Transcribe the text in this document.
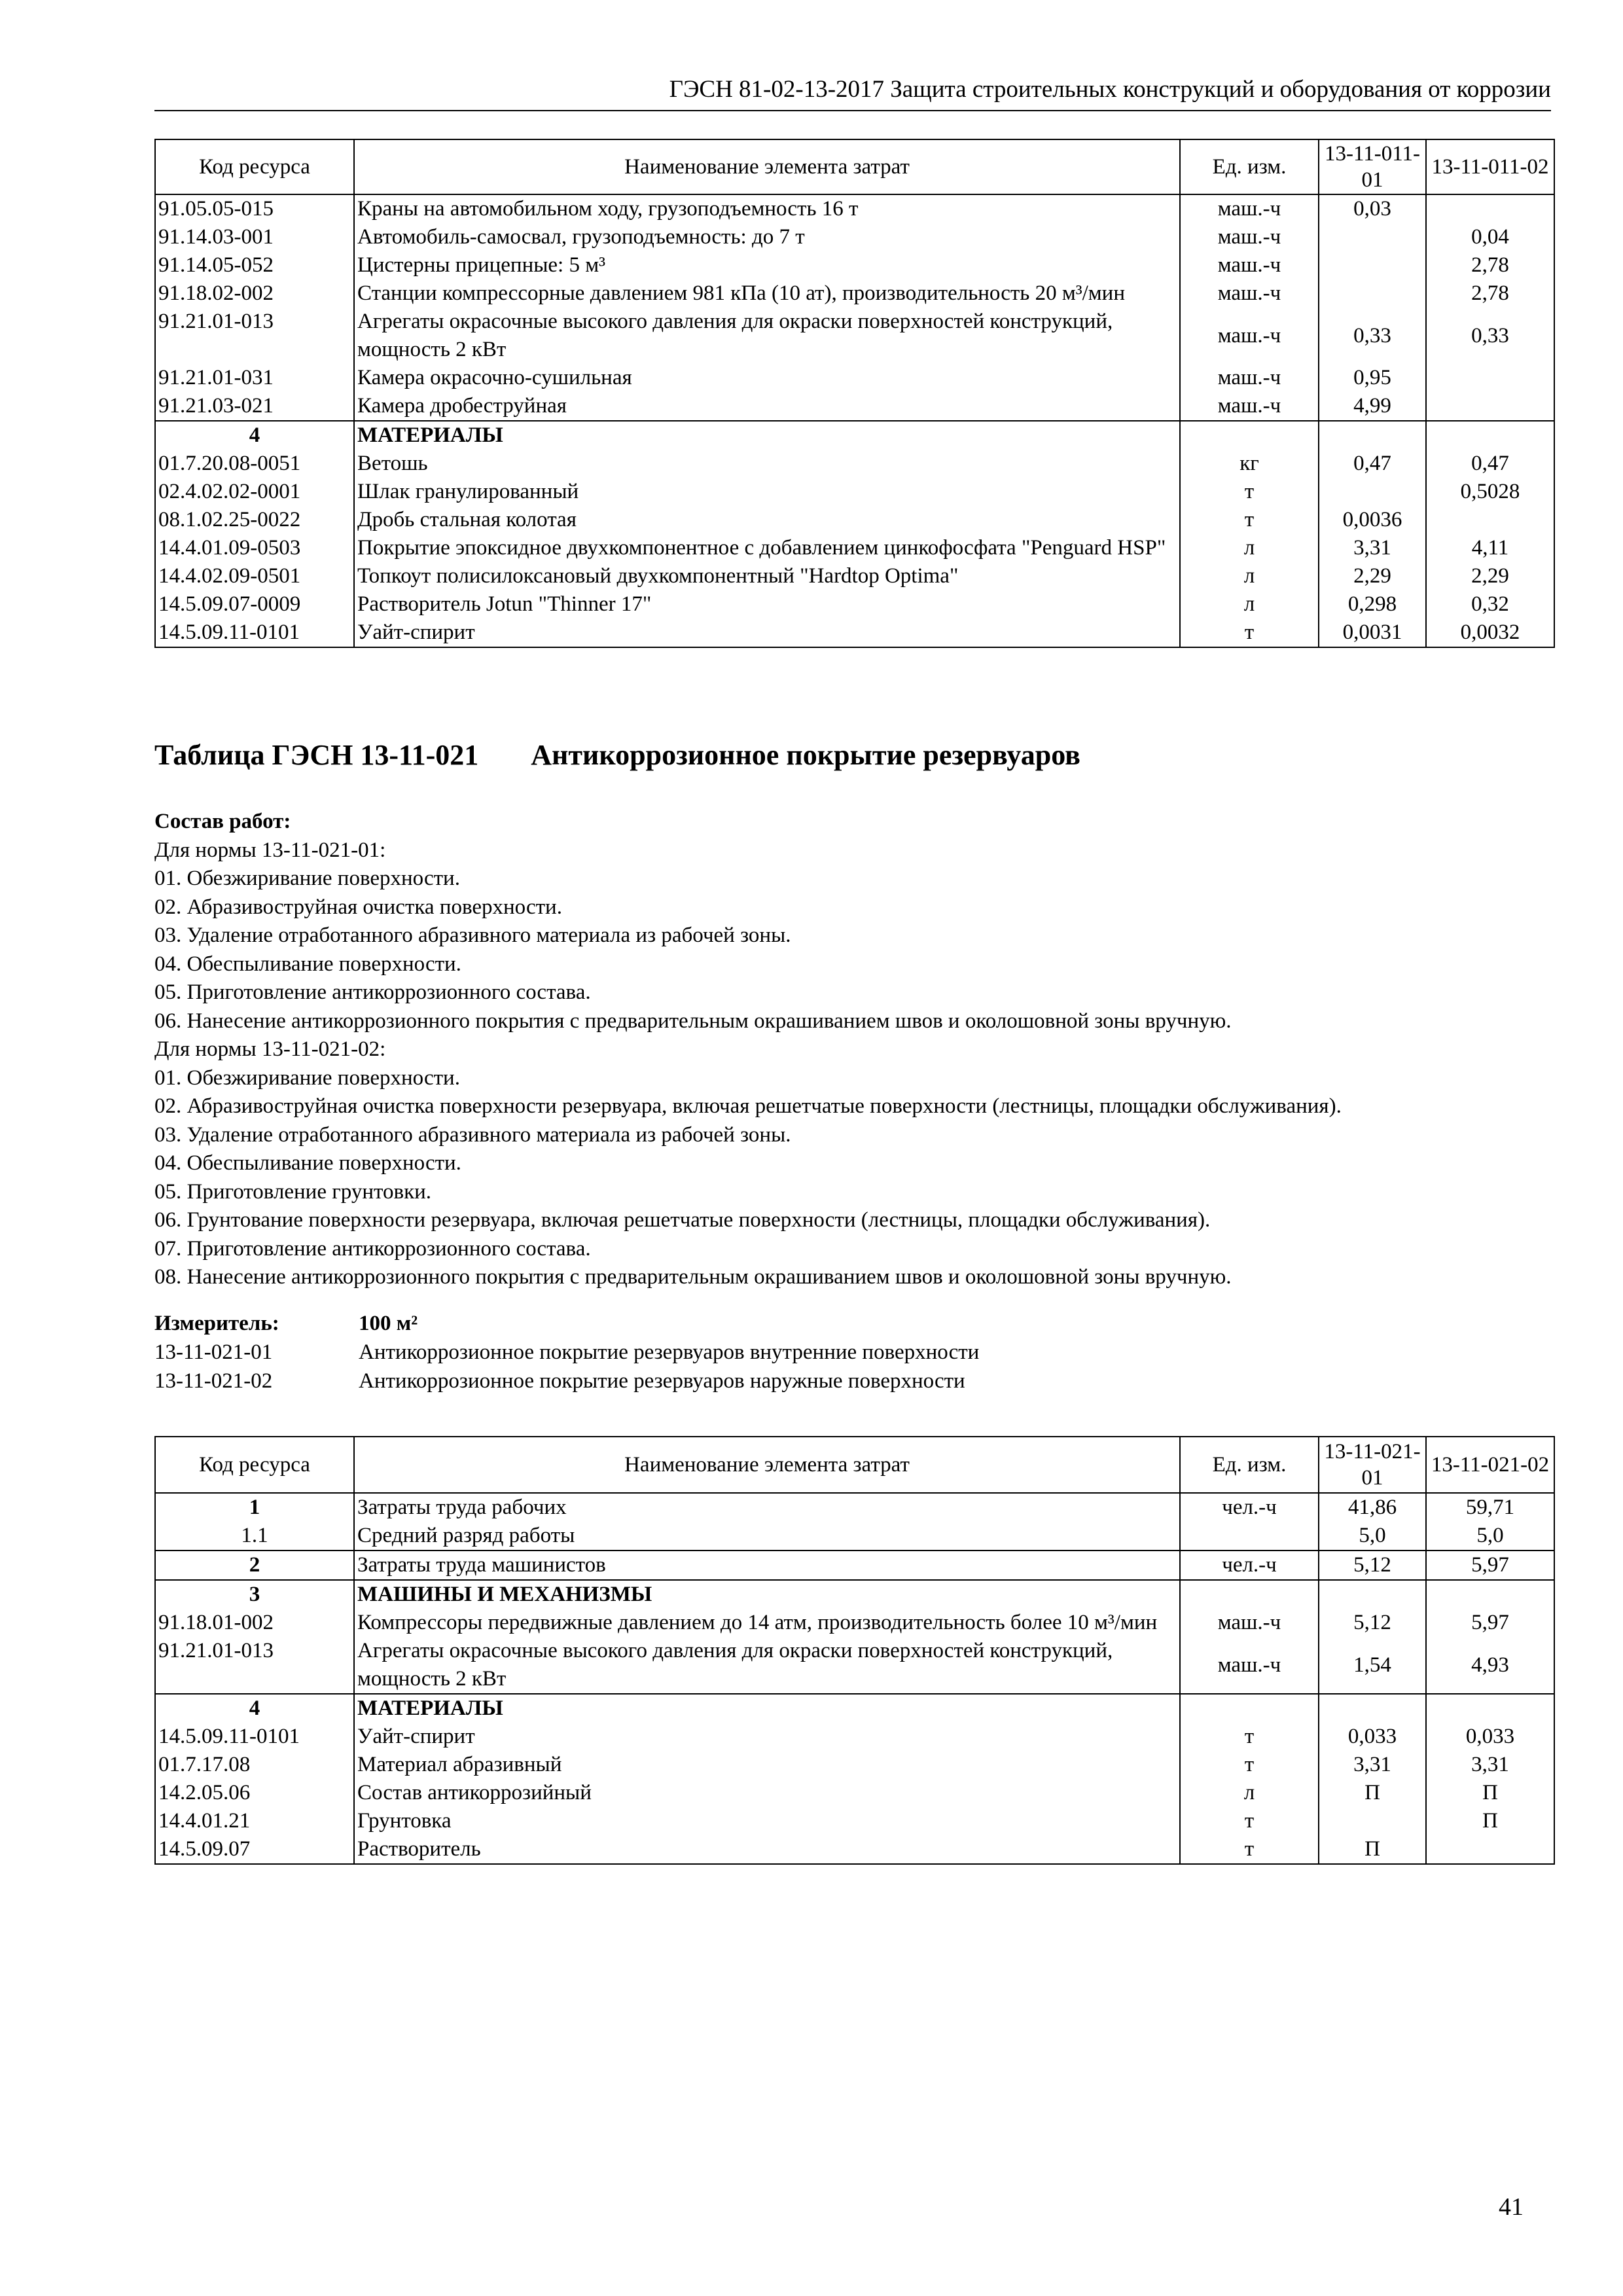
ГЭСН 81-02-13-2017 Защита строительных конструкций и оборудования от коррозии
Код ресурса	Наименование элемента затрат	Ед. изм.	13-11-011-01	13-11-011-02
91.05.05-015	Краны на автомобильном ходу, грузоподъемность 16 т	маш.-ч	0,03	
91.14.03-001	Автомобиль-самосвал, грузоподъемность: до 7 т	маш.-ч		0,04
91.14.05-052	Цистерны прицепные: 5 м³	маш.-ч		2,78
91.18.02-002	Станции компрессорные давлением 981 кПа (10 ат), производительность 20 м³/мин	маш.-ч		2,78
91.21.01-013	Агрегаты окрасочные высокого давления для окраски поверхностей конструкций, мощность 2 кВт	маш.-ч	0,33	0,33
91.21.01-031	Камера окрасочно-сушильная	маш.-ч	0,95	
91.21.03-021	Камера дробеструйная	маш.-ч	4,99	
4	МАТЕРИАЛЫ			
01.7.20.08-0051	Ветошь	кг	0,47	0,47
02.4.02.02-0001	Шлак гранулированный	т		0,5028
08.1.02.25-0022	Дробь стальная колотая	т	0,0036	
14.4.01.09-0503	Покрытие эпоксидное двухкомпонентное с добавлением цинкофосфата "Penguard HSP"	л	3,31	4,11
14.4.02.09-0501	Топкоут полисилоксановый двухкомпонентный "Hardtop Optima"	л	2,29	2,29
14.5.09.07-0009	Растворитель Jotun "Thinner 17"	л	0,298	0,32
14.5.09.11-0101	Уайт-спирит	т	0,0031	0,0032
Таблица ГЭСН 13-11-021 Антикоррозионное покрытие резервуаров
Состав работ:
Для нормы 13-11-021-01:
01. Обезжиривание поверхности.
02. Абразивоструйная очистка поверхности.
03. Удаление отработанного абразивного материала из рабочей зоны.
04. Обеспыливание поверхности.
05. Приготовление антикоррозионного состава.
06. Нанесение антикоррозионного покрытия с предварительным окрашиванием швов и околошовной зоны вручную.
Для нормы 13-11-021-02:
01. Обезжиривание поверхности.
02. Абразивоструйная очистка поверхности резервуара, включая решетчатые поверхности (лестницы, площадки обслуживания).
03. Удаление отработанного абразивного материала из рабочей зоны.
04. Обеспыливание поверхности.
05. Приготовление грунтовки.
06. Грунтование поверхности резервуара, включая решетчатые поверхности (лестницы, площадки обслуживания).
07. Приготовление антикоррозионного состава.
08. Нанесение антикоррозионного покрытия с предварительным окрашиванием швов и околошовной зоны вручную.
Измеритель:	100 м²
13-11-021-01	Антикоррозионное покрытие резервуаров внутренние поверхности
13-11-021-02	Антикоррозионное покрытие резервуаров наружные поверхности
Код ресурса	Наименование элемента затрат	Ед. изм.	13-11-021-01	13-11-021-02
1	Затраты труда рабочих	чел.-ч	41,86	59,71
1.1	Средний разряд работы		5,0	5,0
2	Затраты труда машинистов	чел.-ч	5,12	5,97
3	МАШИНЫ И МЕХАНИЗМЫ			
91.18.01-002	Компрессоры передвижные давлением до 14 атм, производительность более 10 м³/мин	маш.-ч	5,12	5,97
91.21.01-013	Агрегаты окрасочные высокого давления для окраски поверхностей конструкций, мощность 2 кВт	маш.-ч	1,54	4,93
4	МАТЕРИАЛЫ			
14.5.09.11-0101	Уайт-спирит	т	0,033	0,033
01.7.17.08	Материал абразивный	т	3,31	3,31
14.2.05.06	Состав антикоррозийный	л	П	П
14.4.01.21	Грунтовка	т		П
14.5.09.07	Растворитель	т	П	
41
